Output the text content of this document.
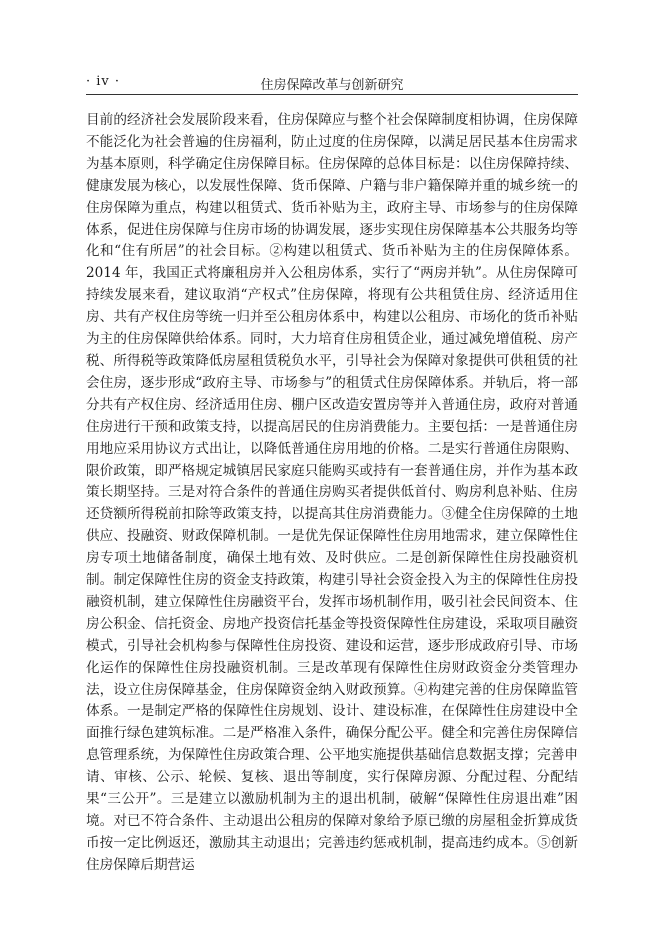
· iv ·	住房保障改革与创新研究

目前的经济社会发展阶段来看，住房保障应与整个社会保障制度相协调，住房保障不能泛化为社会普遍的住房福利，防止过度的住房保障，以满足居民基本住房需求为基本原则，科学确定住房保障目标。住房保障的总体目标是：以住房保障持续、健康发展为核心，以发展性保障、货币保障、户籍与非户籍保障并重的城乡统一的住房保障为重点，构建以租赁式、货币补贴为主，政府主导、市场参与的住房保障体系，促进住房保障与住房市场的协调发展，逐步实现住房保障基本公共服务均等化和“住有所居”的社会目标。②构建以租赁式、货币补贴为主的住房保障体系。2014 年，我国正式将廉租房并入公租房体系，实行了“两房并轨”。从住房保障可持续发展来看，建议取消“产权式”住房保障，将现有公共租赁住房、经济适用住房、共有产权住房等统一归并至公租房体系中，构建以公租房、市场化的货币补贴为主的住房保障供给体系。同时，大力培育住房租赁企业，通过减免增值税、房产税、所得税等政策降低房屋租赁税负水平，引导社会为保障对象提供可供租赁的社会住房，逐步形成“政府主导、市场参与”的租赁式住房保障体系。并轨后，将一部分共有产权住房、经济适用住房、棚户区改造安置房等并入普通住房，政府对普通住房进行干预和政策支持，以提高居民的住房消费能力。主要包括：一是普通住房用地应采用协议方式出让，以降低普通住房用地的价格。二是实行普通住房限购、限价政策，即严格规定城镇居民家庭只能购买或持有一套普通住房，并作为基本政策长期坚持。三是对符合条件的普通住房购买者提供低首付、购房利息补贴、住房还贷额所得税前扣除等政策支持，以提高其住房消费能力。③健全住房保障的土地供应、投融资、财政保障机制。一是优先保证保障性住房用地需求，建立保障性住房专项土地储备制度，确保土地有效、及时供应。二是创新保障性住房投融资机制。制定保障性住房的资金支持政策，构建引导社会资金投入为主的保障性住房投融资机制，建立保障性住房融资平台，发挥市场机制作用，吸引社会民间资本、住房公积金、信托资金、房地产投资信托基金等投资保障性住房建设，采取项目融资模式，引导社会机构参与保障性住房投资、建设和运营，逐步形成政府引导、市场化运作的保障性住房投融资机制。三是改革现有保障性住房财政资金分类管理办法，设立住房保障基金，住房保障资金纳入财政预算。④构建完善的住房保障监管体系。一是制定严格的保障性住房规划、设计、建设标准，在保障性住房建设中全面推行绿色建筑标准。二是严格准入条件，确保分配公平。健全和完善住房保障信息管理系统，为保障性住房政策合理、公平地实施提供基础信息数据支撑；完善申请、审核、公示、轮候、复核、退出等制度，实行保障房源、分配过程、分配结果“三公开”。三是建立以激励机制为主的退出机制，破解“保障性住房退出难”困境。对已不符合条件、主动退出公租房的保障对象给予原已缴的房屋租金折算成货币按一定比例返还，激励其主动退出；完善违约惩戒机制，提高违约成本。⑤创新住房保障后期营运
